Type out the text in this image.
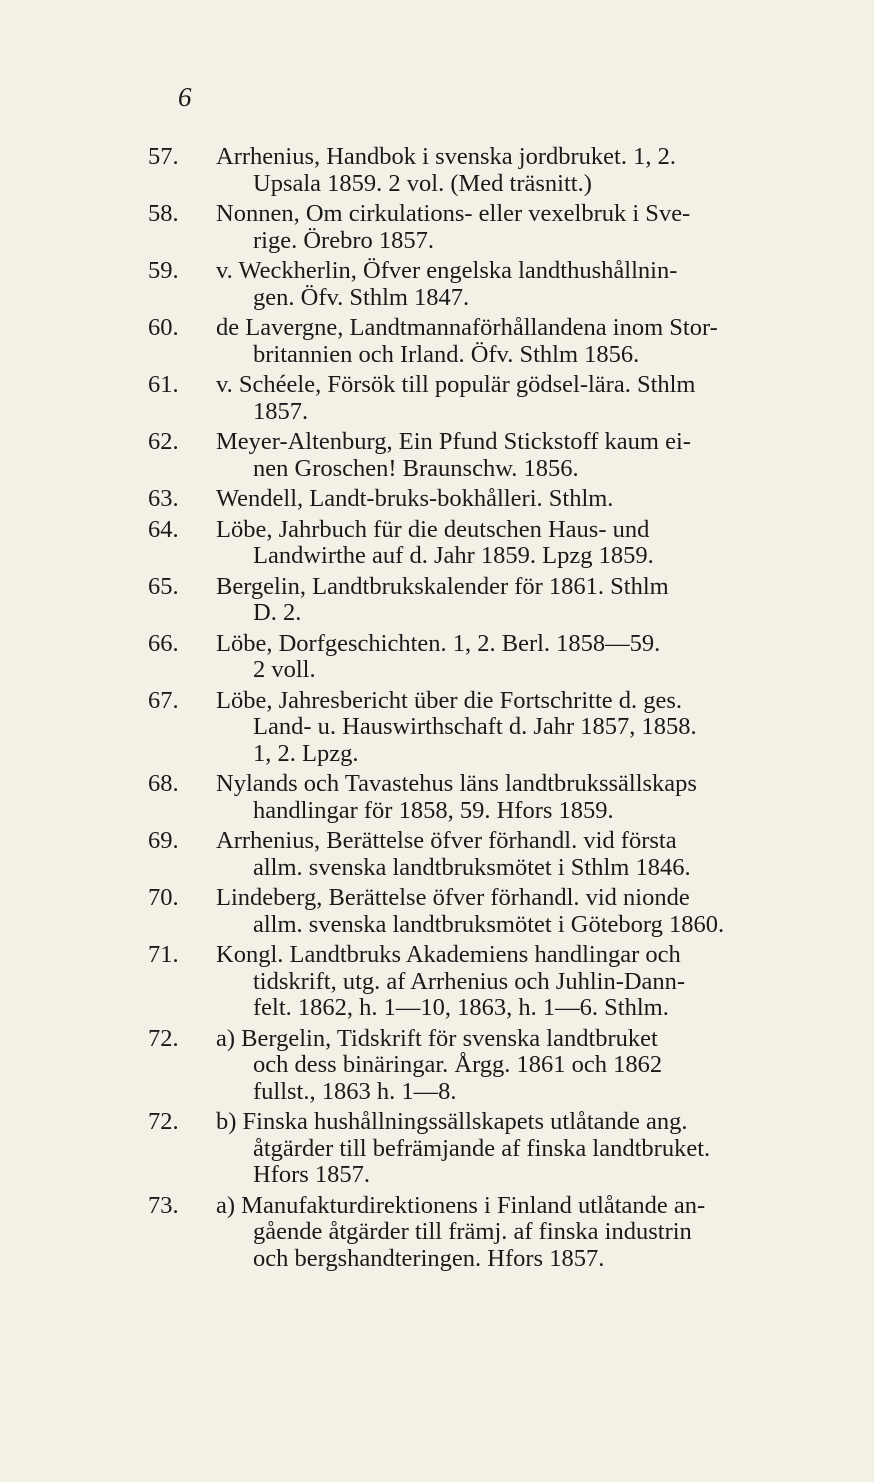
6
57.	Arrhenius, Handbok i svenska jordbruket. 1, 2.
Upsala 1859. 2 vol. (Med träsnitt.)
58.	Nonnen, Om cirkulations- eller vexelbruk i Sve-
rige. Örebro 1857.
59.	v. Weckherlin, Öfver engelska landthushållnin-
gen. Öfv. Sthlm 1847.
60.	de Lavergne, Landtmannaförhållandena inom Stor-
britannien och Irland. Öfv. Sthlm 1856.
61.	v. Schéele, Försök till populär gödsel-lära. Sthlm
1857.
62.	Meyer-Altenburg, Ein Pfund Stickstoff kaum ei-
nen Groschen! Braunschw. 1856.
63.	Wendell, Landt-bruks-bokhålleri. Sthlm.
64.	Löbe, Jahrbuch für die deutschen Haus- und
Landwirthe auf d. Jahr 1859. Lpzg 1859.
65.	Bergelin, Landtbrukskalender för 1861. Sthlm
D. 2.
66.	Löbe, Dorfgeschichten. 1, 2. Berl. 1858—59.
2 voll.
67.	Löbe, Jahresbericht über die Fortschritte d. ges.
Land- u. Hauswirthschaft d. Jahr 1857, 1858.
1, 2. Lpzg.
68.	Nylands och Tavastehus läns landtbrukssällskaps
handlingar för 1858, 59. Hfors 1859.
69.	Arrhenius, Berättelse öfver förhandl. vid första
allm. svenska landtbruksmötet i Sthlm 1846.
70.	Lindeberg, Berättelse öfver förhandl. vid nionde
allm. svenska landtbruksmötet i Göteborg 1860.
71.	Kongl. Landtbruks Akademiens handlingar och
tidskrift, utg. af Arrhenius och Juhlin-Dann-
felt. 1862, h. 1—10, 1863, h. 1—6. Sthlm.
72.	a) Bergelin, Tidskrift för svenska landtbruket
och dess binäringar. Årgg. 1861 och 1862
fullst., 1863 h. 1—8.
72.	b) Finska hushållningssällskapets utlåtande ang.
åtgärder till befrämjande af finska landtbruket.
Hfors 1857.
73.	a) Manufakturdirektionens i Finland utlåtande an-
gående åtgärder till främj. af finska industrin
och bergshandteringen. Hfors 1857.
